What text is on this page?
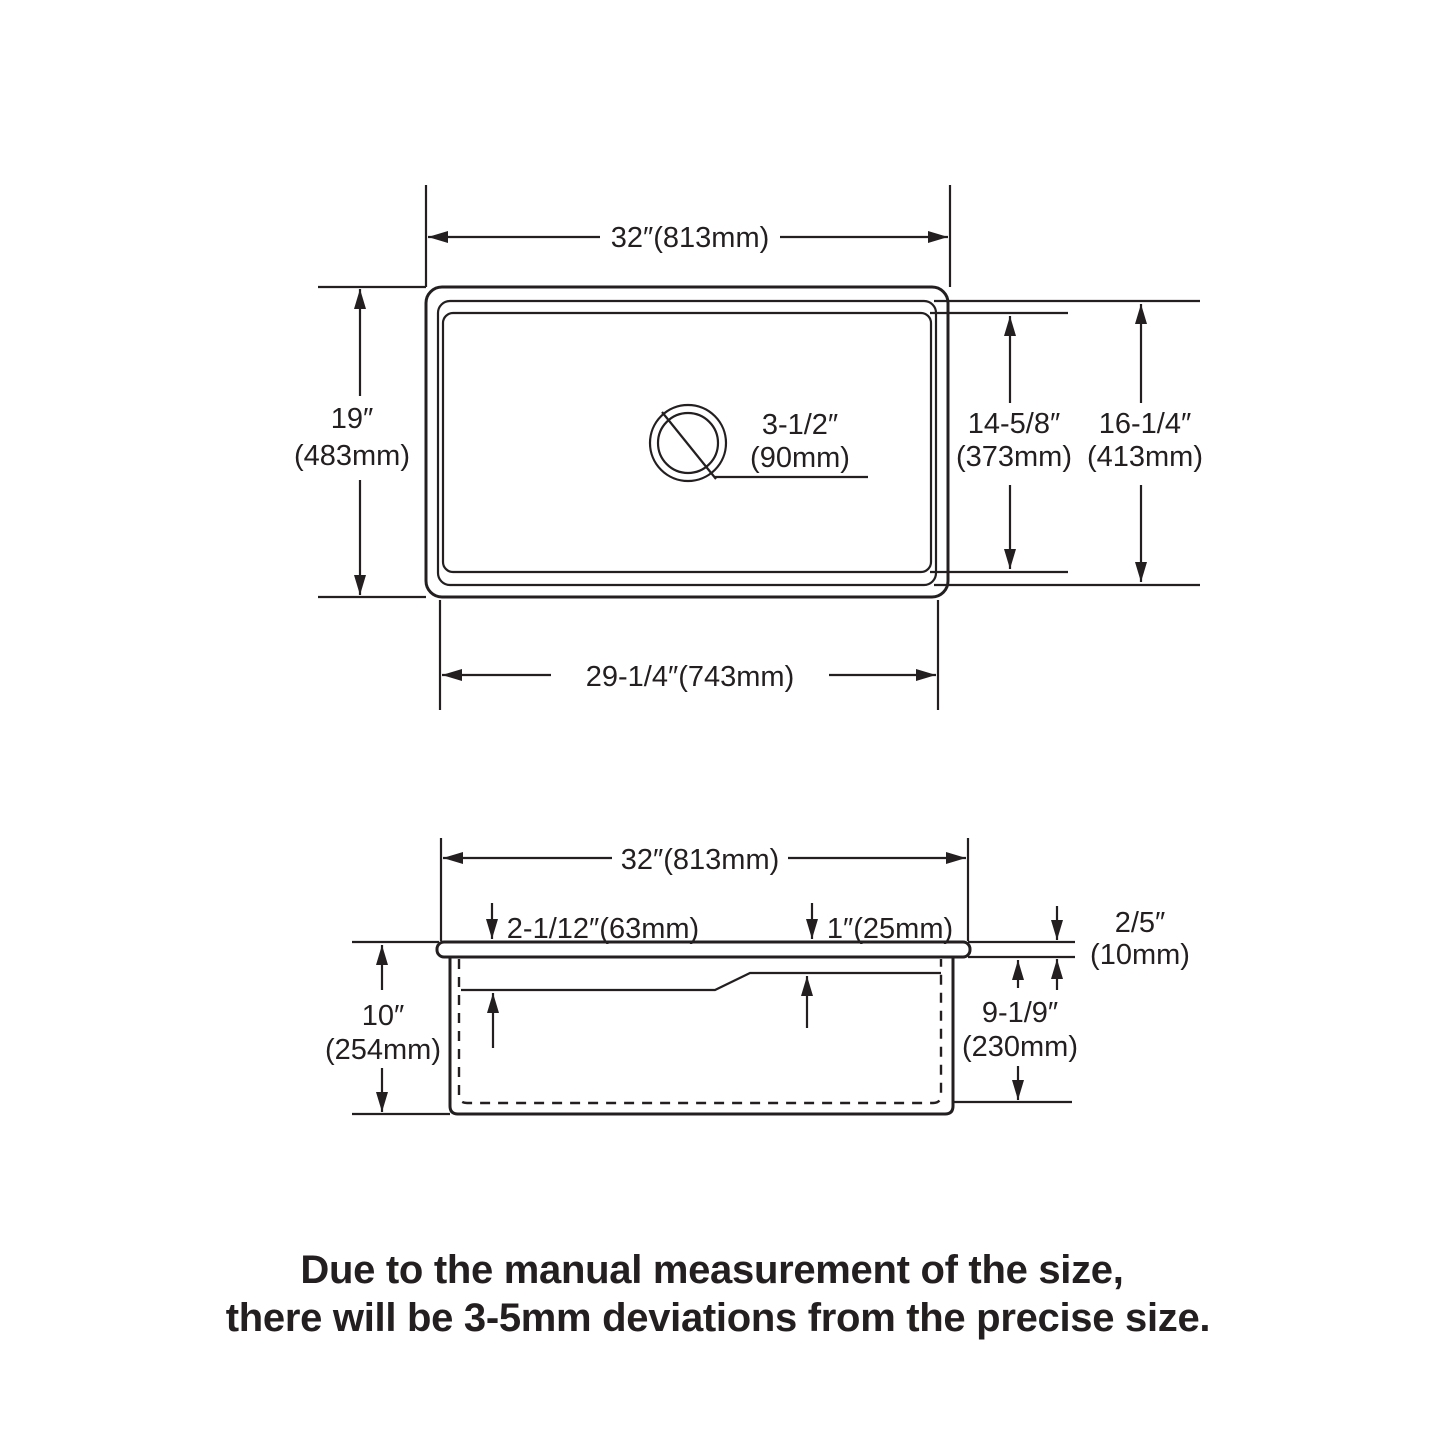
3-1/2″
(90mm)
32″(813mm)
19″
(483mm)
14-5/8″
(373mm)
16-1/4″
(413mm)
29-1/4″(743mm)
32″(813mm)
2-1/12″(63mm)	1″(25mm)
10″
(254mm)
9-1/9″
(230mm)
2/5″
(10mm)
Due to the manual measurement of the size,
there will be 3-5mm deviations from the precise size.
